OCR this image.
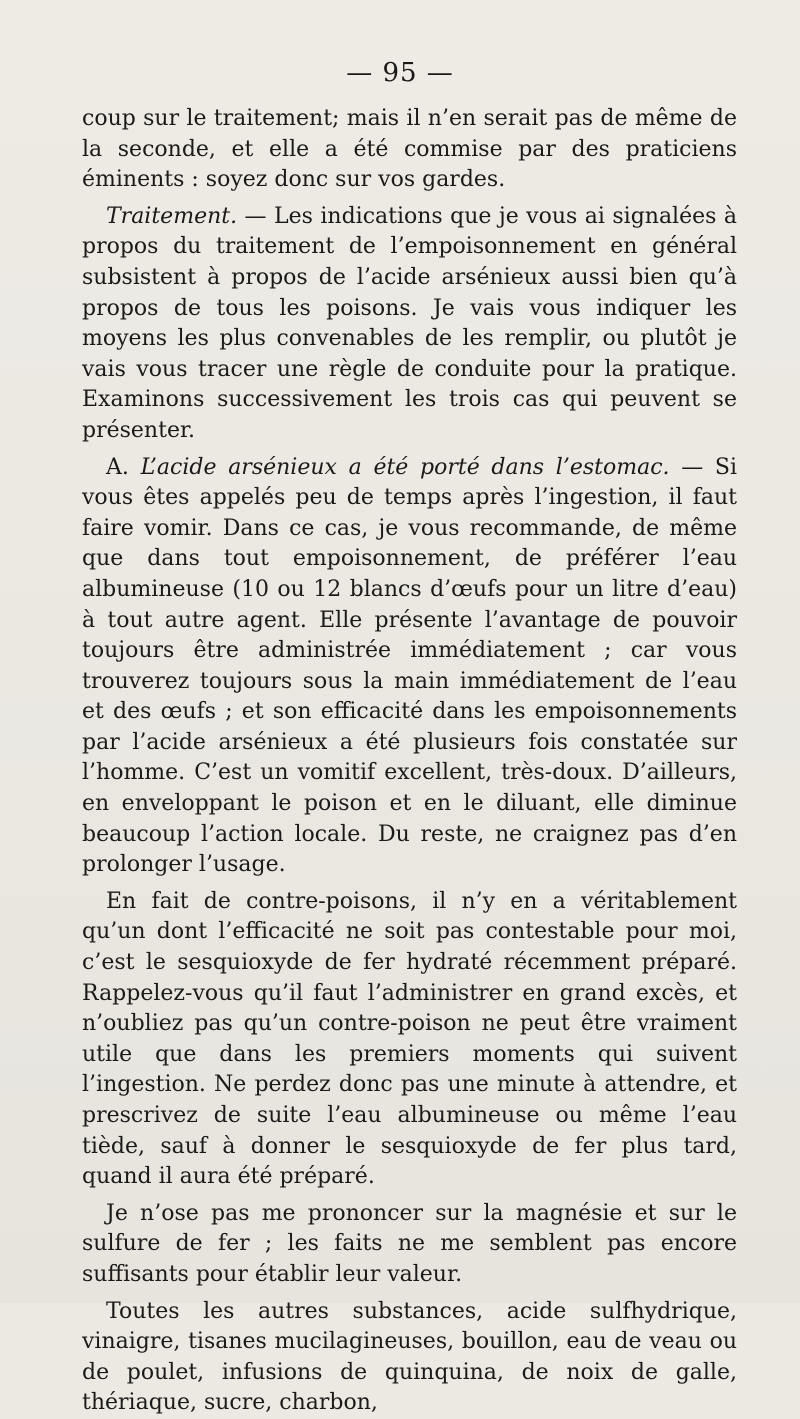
— 95 —

coup sur le traitement; mais il n’en serait pas de même de la seconde, et elle a été commise par des praticiens éminents : soyez donc sur vos gardes.

Traitement. — Les indications que je vous ai signalées à propos du traitement de l’empoisonnement en général subsistent à propos de l’acide arsénieux aussi bien qu’à propos de tous les poisons. Je vais vous indiquer les moyens les plus convenables de les remplir, ou plutôt je vais vous tracer une règle de conduite pour la pratique. Examinons successivement les trois cas qui peuvent se présenter.

A. L’acide arsénieux a été porté dans l’estomac. — Si vous êtes appelés peu de temps après l’ingestion, il faut faire vomir. Dans ce cas, je vous recommande, de même que dans tout empoisonnement, de préférer l’eau albumineuse (10 ou 12 blancs d’œufs pour un litre d’eau) à tout autre agent. Elle présente l’avantage de pouvoir toujours être administrée immédiatement ; car vous trouverez toujours sous la main immédiatement de l’eau et des œufs ; et son efficacité dans les empoisonnements par l’acide arsénieux a été plusieurs fois constatée sur l’homme. C’est un vomitif excellent, très-doux. D’ailleurs, en enveloppant le poison et en le diluant, elle diminue beaucoup l’action locale. Du reste, ne craignez pas d’en prolonger l’usage.

En fait de contre-poisons, il n’y en a véritablement qu’un dont l’efficacité ne soit pas contestable pour moi, c’est le sesquioxyde de fer hydraté récemment préparé. Rappelez-vous qu’il faut l’administrer en grand excès, et n’oubliez pas qu’un contre-poison ne peut être vraiment utile que dans les premiers moments qui suivent l’ingestion. Ne perdez donc pas une minute à attendre, et prescrivez de suite l’eau albumineuse ou même l’eau tiède, sauf à donner le sesquioxyde de fer plus tard, quand il aura été préparé.

Je n’ose pas me prononcer sur la magnésie et sur le sulfure de fer ; les faits ne me semblent pas encore suffisants pour établir leur valeur.

Toutes les autres substances, acide sulfhydrique, vinaigre, tisanes mucilagineuses, bouillon, eau de veau ou de poulet, infusions de quinquina, de noix de galle, thériaque, sucre, charbon,
